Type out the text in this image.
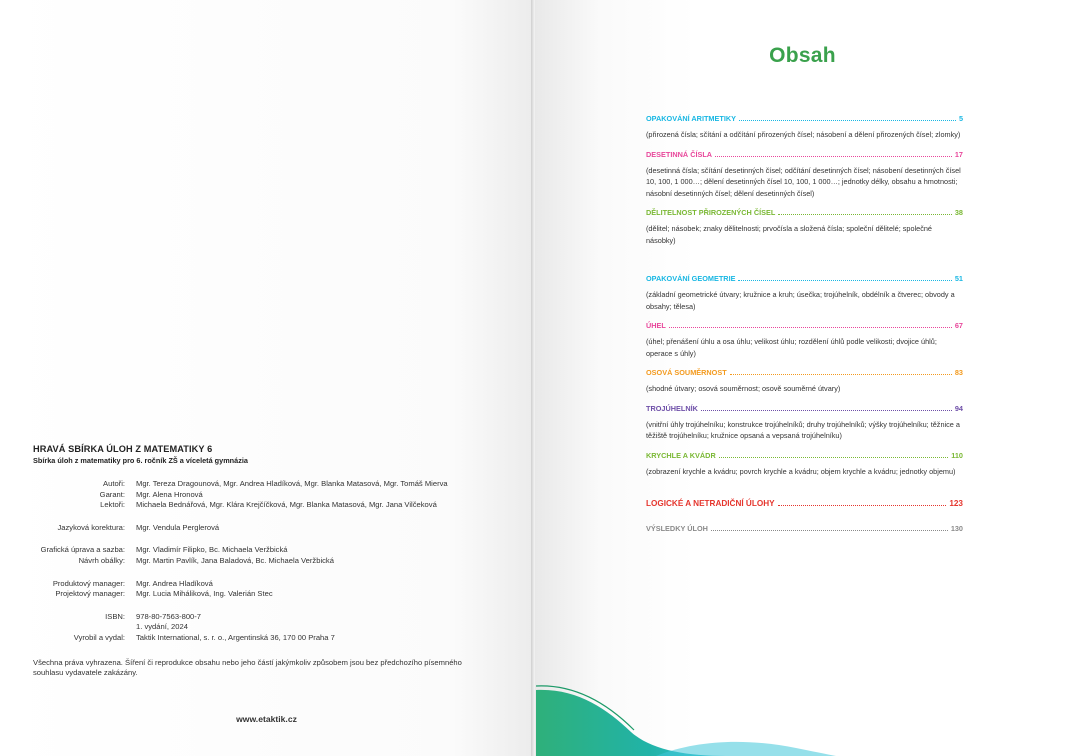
HRAVÁ SBÍRKA ÚLOH Z MATEMATIKY 6
Sbírka úloh z matematiky pro 6. ročník ZŠ a víceletá gymnázia
Autoři:	Mgr. Tereza Dragounová, Mgr. Andrea Hladíková, Mgr. Blanka Matasová, Mgr. Tomáš Mierva
Garant:	Mgr. Alena Hronová
Lektoři:	Michaela Bednářová, Mgr. Klára Krejčíčková, Mgr. Blanka Matasová, Mgr. Jana Vilčeková
Jazyková korektura:	Mgr. Vendula Perglerová
Grafická úprava a sazba:	Mgr. Vladimír Filipko, Bc. Michaela Veržbická
Návrh obálky:	Mgr. Martin Pavlík, Jana Baladová, Bc. Michaela Veržbická
Produktový manager:	Mgr. Andrea Hladíková
Projektový manager:	Mgr. Lucia Miháliková, Ing. Valerián Stec
ISBN:	978-80-7563-800-7
1. vydání, 2024
Vyrobil a vydal:	Taktik International, s. r. o., Argentinská 36, 170 00 Praha 7
Všechna práva vyhrazena. Šíření či reprodukce obsahu nebo jeho částí jakýmkoliv způsobem jsou bez předchozího písemného souhlasu vydavatele zakázány.
www.etaktik.cz
Obsah
OPAKOVÁNÍ ARITMETIKY	5
(přirozená čísla; sčítání a odčítání přirozených čísel; násobení a dělení přirozených čísel; zlomky)
DESETINNÁ ČÍSLA	17
(desetinná čísla; sčítání desetinných čísel; odčítání desetinných čísel; násobení desetinných čísel 10, 100, 1 000…; dělení desetinných čísel 10, 100, 1 000…; jednotky délky, obsahu a hmotnosti; násobní desetinných čísel; dělení desetinných čísel)
DĚLITELNOST PŘIROZENÝCH ČÍSEL	38
(dělitel; násobek; znaky dělitelnosti; prvočísla a složená čísla; společní dělitelé; společné násobky)
OPAKOVÁNÍ GEOMETRIE	51
(základní geometrické útvary; kružnice a kruh; úsečka; trojúhelník, obdélník a čtverec; obvody a obsahy; tělesa)
ÚHEL	67
(úhel; přenášení úhlu a osa úhlu; velikost úhlu; rozdělení úhlů podle velikosti; dvojice úhlů; operace s úhly)
OSOVÁ SOUMĚRNOST	83
(shodné útvary; osová souměrnost; osově souměrné útvary)
TROJÚHELNÍK	94
(vnitřní úhly trojúhelníku; konstrukce trojúhelníků; druhy trojúhelníků; výšky trojúhelníku; těžnice a těžiště trojúhelníku; kružnice opsaná a vepsaná trojúhelníku)
KRYCHLE A KVÁDR	110
(zobrazení krychle a kvádru; povrch krychle a kvádru; objem krychle a kvádru; jednotky objemu)
LOGICKÉ A NETRADIČNÍ ÚLOHY	123
VÝSLEDKY ÚLOH	130
